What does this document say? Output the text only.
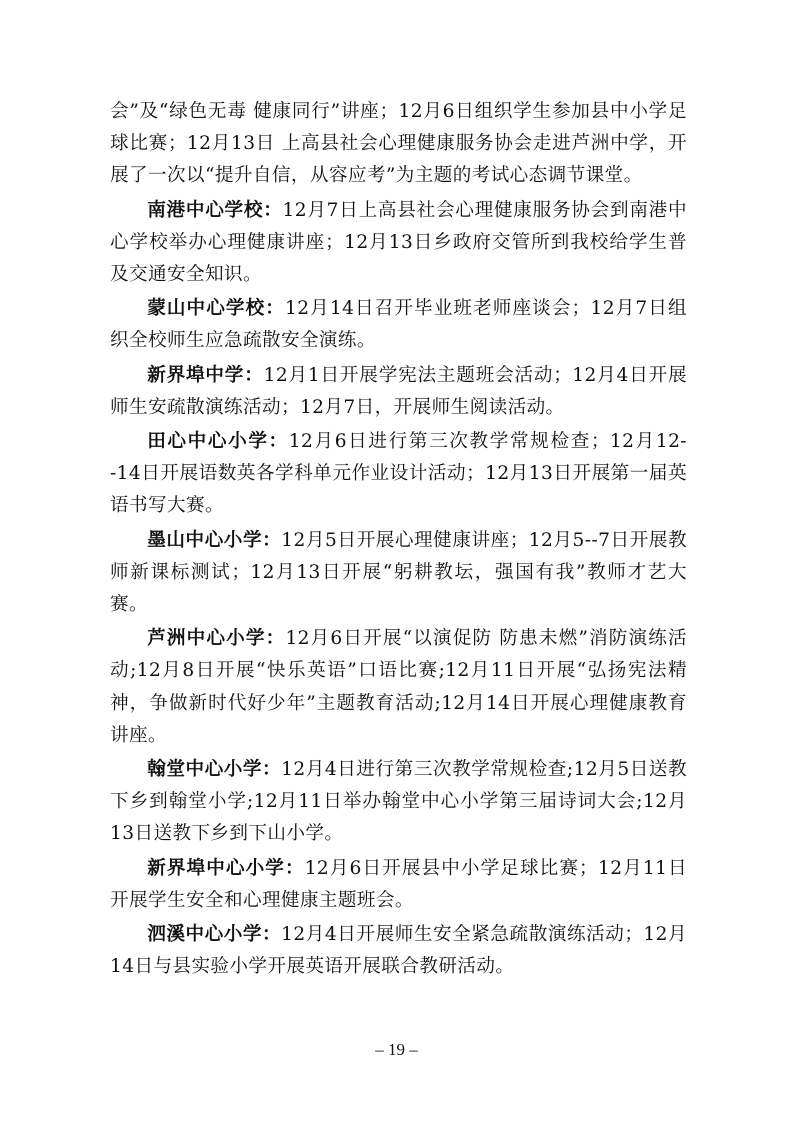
会”及“绿色无毒 健康同行”讲座；12月6日组织学生参加县中小学足球比赛；12月13日 上高县社会心理健康服务协会走进芦洲中学，开展了一次以“提升自信，从容应考”为主题的考试心态调节课堂。

南港中心学校：12月7日上高县社会心理健康服务协会到南港中心学校举办心理健康讲座；12月13日乡政府交管所到我校给学生普及交通安全知识。

蒙山中心学校：12月14日召开毕业班老师座谈会；12月7日组织全校师生应急疏散安全演练。

新界埠中学：12月1日开展学宪法主题班会活动；12月4日开展师生安疏散演练活动；12月7日，开展师生阅读活动。

田心中心小学：12月6日进行第三次教学常规检查；12月12--14日开展语数英各学科单元作业设计活动；12月13日开展第一届英语书写大赛。

墨山中心小学：12月5日开展心理健康讲座；12月5--7日开展教师新课标测试；12月13日开展“躬耕教坛，强国有我”教师才艺大赛。

芦洲中心小学：12月6日开展“以演促防 防患未燃”消防演练活动;12月8日开展“快乐英语”口语比赛;12月11日开展“弘扬宪法精神，争做新时代好少年”主题教育活动;12月14日开展心理健康教育讲座。

翰堂中心小学：12月4日进行第三次教学常规检查;12月5日送教下乡到翰堂小学;12月11日举办翰堂中心小学第三届诗词大会;12月13日送教下乡到下山小学。

新界埠中心小学：12月6日开展县中小学足球比赛；12月11日开展学生安全和心理健康主题班会。

泗溪中心小学：12月4日开展师生安全紧急疏散演练活动；12月14日与县实验小学开展英语开展联合教研活动。

– 19 –
